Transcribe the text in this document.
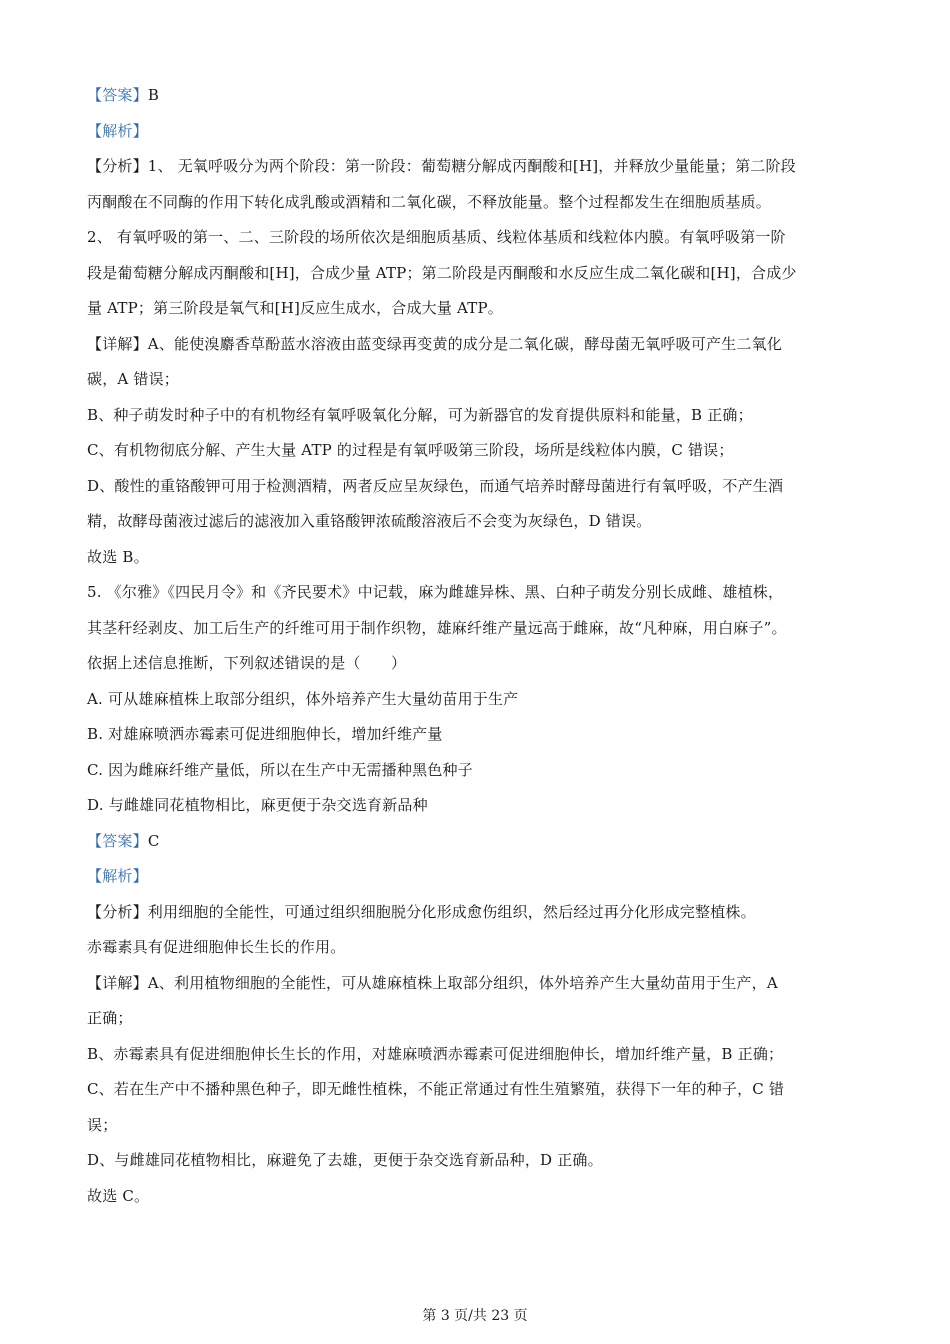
【答案】B
【解析】
【分析】1、 无氧呼吸分为两个阶段：第一阶段：葡萄糖分解成丙酮酸和[H]，并释放少量能量；第二阶段
丙酮酸在不同酶的作用下转化成乳酸或酒精和二氧化碳，不释放能量。整个过程都发生在细胞质基质。
2、 有氧呼吸的第一、二、三阶段的场所依次是细胞质基质、线粒体基质和线粒体内膜。有氧呼吸第一阶
段是葡萄糖分解成丙酮酸和[H]，合成少量 ATP；第二阶段是丙酮酸和水反应生成二氧化碳和[H]，合成少
量 ATP；第三阶段是氧气和[H]反应生成水，合成大量 ATP。
【详解】A、能使溴麝香草酚蓝水溶液由蓝变绿再变黄的成分是二氧化碳，酵母菌无氧呼吸可产生二氧化
碳，A 错误；
B、种子萌发时种子中的有机物经有氧呼吸氧化分解，可为新器官的发育提供原料和能量，B 正确；
C、有机物彻底分解、产生大量 ATP 的过程是有氧呼吸第三阶段，场所是线粒体内膜，C 错误；
D、酸性的重铬酸钾可用于检测酒精，两者反应呈灰绿色，而通气培养时酵母菌进行有氧呼吸，不产生酒
精，故酵母菌液过滤后的滤液加入重铬酸钾浓硫酸溶液后不会变为灰绿色，D 错误。
故选 B。
5. 《尔雅》《四民月令》和《齐民要术》中记载，麻为雌雄异株、黑、白种子萌发分别长成雌、雄植株，
其茎秆经剥皮、加工后生产的纤维可用于制作织物，雄麻纤维产量远高于雌麻，故“凡种麻，用白麻子”。
依据上述信息推断，下列叙述错误的是（　　）
A. 可从雄麻植株上取部分组织，体外培养产生大量幼苗用于生产
B. 对雄麻喷洒赤霉素可促进细胞伸长，增加纤维产量
C. 因为雌麻纤维产量低，所以在生产中无需播种黑色种子
D. 与雌雄同花植物相比，麻更便于杂交选育新品种
【答案】C
【解析】
【分析】利用细胞的全能性，可通过组织细胞脱分化形成愈伤组织，然后经过再分化形成完整植株。
赤霉素具有促进细胞伸长生长的作用。
【详解】A、利用植物细胞的全能性，可从雄麻植株上取部分组织，体外培养产生大量幼苗用于生产，A
正确；
B、赤霉素具有促进细胞伸长生长的作用，对雄麻喷洒赤霉素可促进细胞伸长，增加纤维产量，B 正确；
C、若在生产中不播种黑色种子，即无雌性植株，不能正常通过有性生殖繁殖，获得下一年的种子，C 错
误；
D、与雌雄同花植物相比，麻避免了去雄，更便于杂交选育新品种，D 正确。
故选 C。
第 3 页/共 23 页
